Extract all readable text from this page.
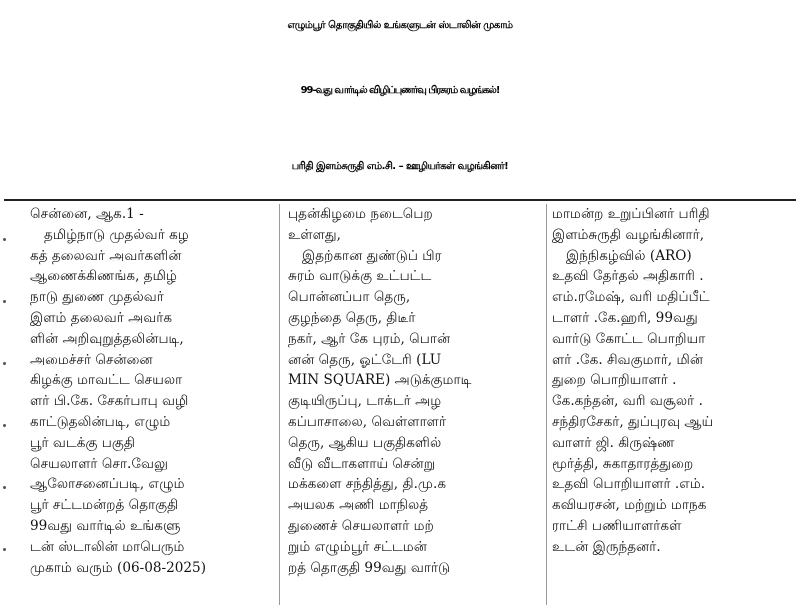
எழும்பூர் தொகுதியில் உங்களுடன் ஸ்டாலின் முகாம்
99-வது வார்டில் விழிப்புணர்வு பிரசுரம் வழங்கல்!
பரிதி இளம்சுருதி எம்.சி. – ஊழியர்கள் வழங்கினர்!
சென்னை, ஆக.1 -
தமிழ்நாடு முதல்வர் கழ
கத் தலைவர் அவர்களின்
ஆணைக்கிணங்க, தமிழ்
நாடு துணை முதல்வர்
இளம் தலைவர் அவர்க
ளின் அறிவுறுத்தலின்படி,
அமைச்சர் சென்னை
கிழக்கு மாவட்ட செயலா
ளர் பி.கே. சேகர்பாபு வழி
காட்டுதலின்படி, எழும்
பூர் வடக்கு பகுதி
செயலாளர் சொ.வேலு
ஆலோசனைப்படி, எழும்
பூர் சட்டமன்றத் தொகுதி
99வது வார்டில் உங்களு
டன் ஸ்டாலின் மாபெரும்
முகாம் வரும் (06-08-2025)
புதன்கிழமை நடைபெற
உள்ளது,
இதற்கான துண்டுப் பிர
சுரம் வாடுக்கு உட்பட்ட
பொன்னப்பா தெரு,
குழந்தை தெரு, திடீர்
நகர், ஆர் கே புரம், பொன்
னன் தெரு, ஓட்டேரி (LU
MIN SQUARE) அடுக்குமாடி
குடியிருப்பு, டாக்டர் அழ
கப்பாசாலை, வெள்ளாளர்
தெரு, ஆகிய பகுதிகளில்
வீடு வீடாகளாய் சென்று
மக்களை சந்தித்து, தி.மு.க
அயலக அணி மாநிலத்
துணைச் செயலாளர் மற்
றும் எழும்பூர் சட்டமன்
றத் தொகுதி 99வது வார்டு
மாமன்ற உறுப்பினர் பரிதி
இளம்சுருதி வழங்கினார்,
இந்நிகழ்வில் (ARO)
உதவி தேர்தல் அதிகாரி .
எம்.ரமேஷ், வரி மதிப்பீட்
டாளர் .கே.ஹரி, 99வது
வார்டு கோட்ட பொறியா
ளர் .கே. சிவகுமார், மின்
துறை பொறியாளர் .
கே.கந்தன், வரி வசூலர் .
சந்திரசேகர், துப்புரவு ஆய்
வாளர் ஜி. கிருஷ்ண
மூர்த்தி, சுகாதாரத்துறை
உதவி பொறியாளர் .எம்.
கவியரசன், மற்றும் மாநக
ராட்சி பணியாளர்கள்
உடன் இருந்தனர்.
